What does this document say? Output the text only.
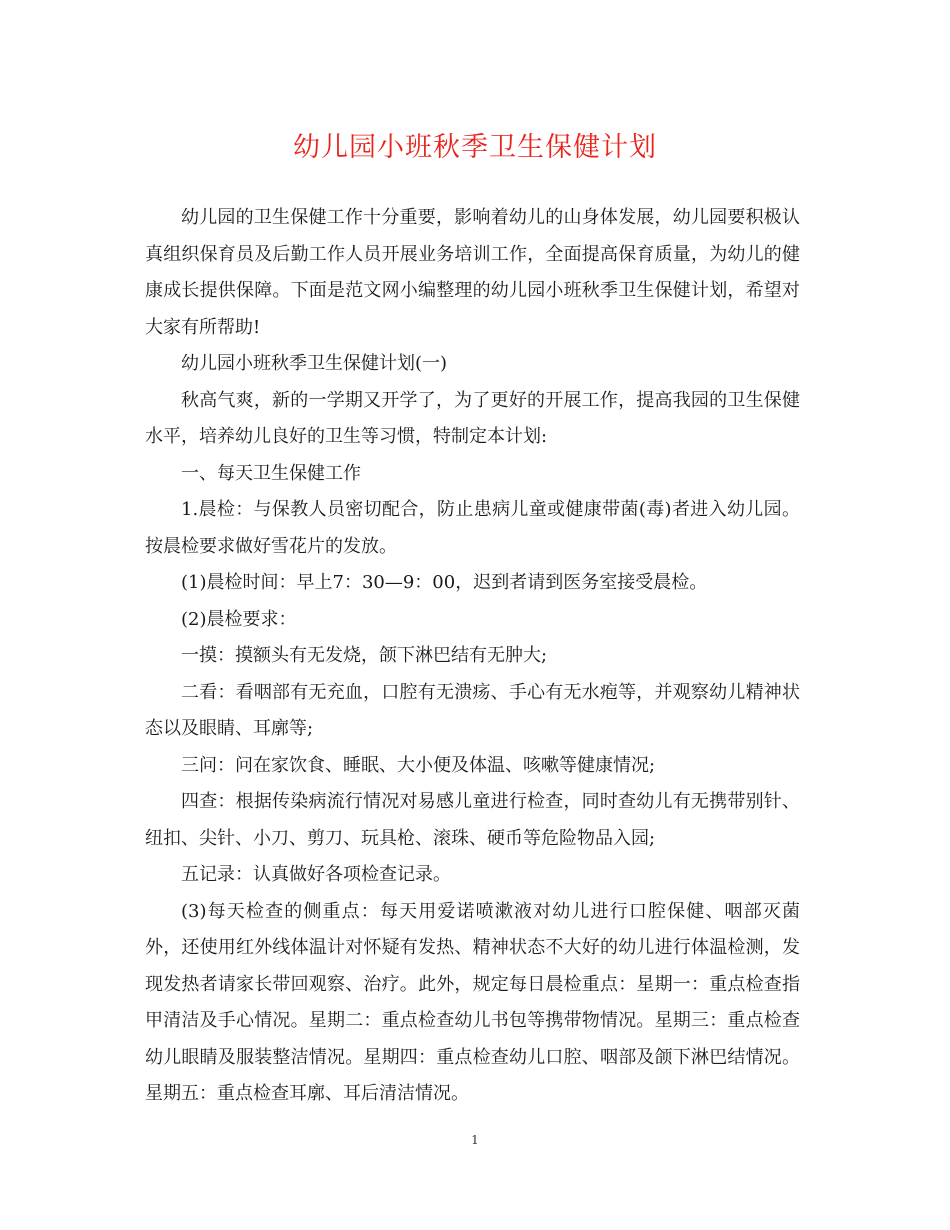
幼儿园小班秋季卫生保健计划

幼儿园的卫生保健工作十分重要，影响着幼儿的山身体发展，幼儿园要积极认真组织保育员及后勤工作人员开展业务培训工作，全面提高保育质量，为幼儿的健康成长提供保障。下面是范文网小编整理的幼儿园小班秋季卫生保健计划，希望对大家有所帮助!

幼儿园小班秋季卫生保健计划(一)

秋高气爽，新的一学期又开学了，为了更好的开展工作，提高我园的卫生保健水平，培养幼儿良好的卫生等习惯，特制定本计划:

一、每天卫生保健工作

1.晨检：与保教人员密切配合，防止患病儿童或健康带菌(毒)者进入幼儿园。按晨检要求做好雪花片的发放。

(1)晨检时间：早上7：30—9：00，迟到者请到医务室接受晨检。

(2)晨检要求：

一摸：摸额头有无发烧，颌下淋巴结有无肿大;

二看：看咽部有无充血，口腔有无溃疡、手心有无水疱等，并观察幼儿精神状态以及眼睛、耳廓等;

三问：问在家饮食、睡眠、大小便及体温、咳嗽等健康情况;

四查：根据传染病流行情况对易感儿童进行检查，同时查幼儿有无携带别针、纽扣、尖针、小刀、剪刀、玩具枪、滚珠、硬币等危险物品入园;

五记录：认真做好各项检查记录。

(3)每天检查的侧重点：每天用爱诺喷漱液对幼儿进行口腔保健、咽部灭菌外，还使用红外线体温计对怀疑有发热、精神状态不大好的幼儿进行体温检测，发现发热者请家长带回观察、治疗。此外，规定每日晨检重点：星期一：重点检查指甲清洁及手心情况。星期二：重点检查幼儿书包等携带物情况。星期三：重点检查幼儿眼睛及服装整洁情况。星期四：重点检查幼儿口腔、咽部及颌下淋巴结情况。星期五：重点检查耳廓、耳后清洁情况。

1
